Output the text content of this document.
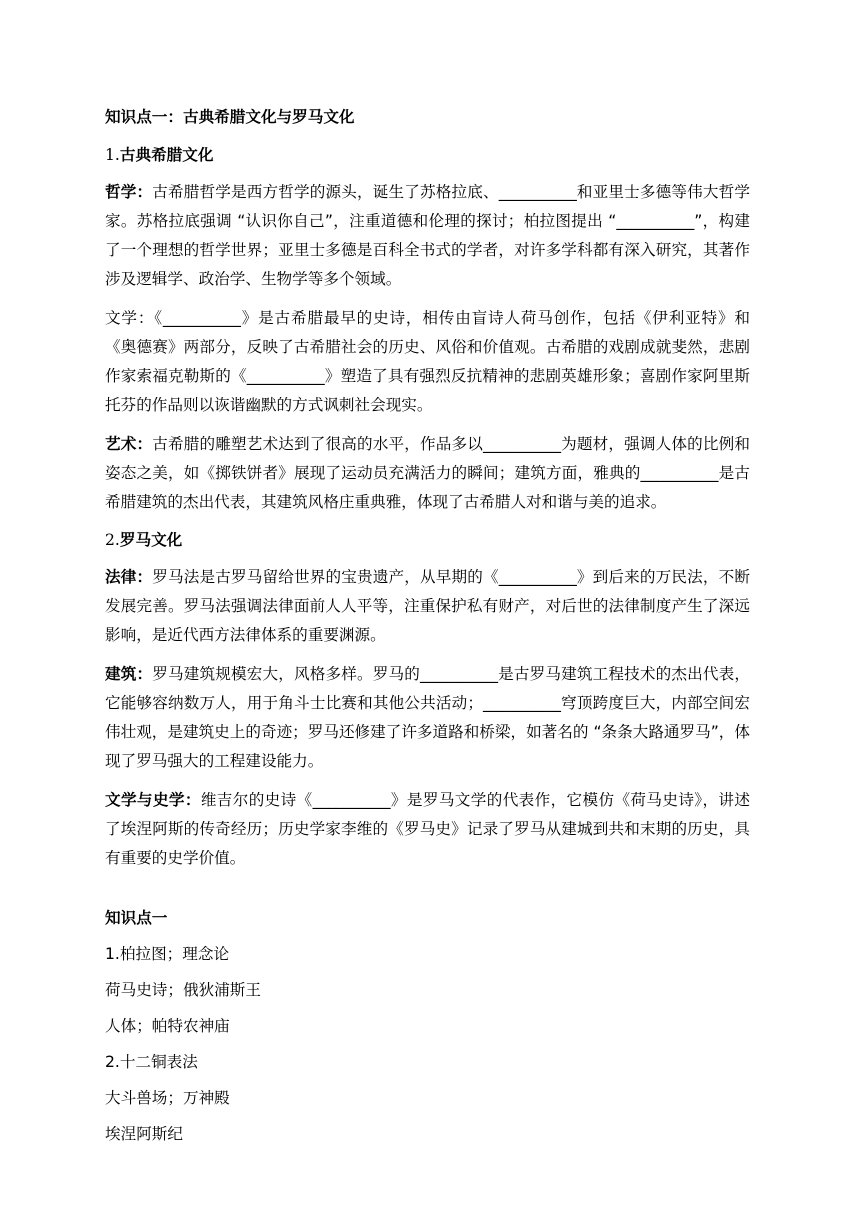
知识点一：古典希腊文化与罗马文化
1.古典希腊文化

哲学：古希腊哲学是西方哲学的源头，诞生了苏格拉底、__________和亚里士多德等伟大哲学家。苏格拉底强调 “认识你自己”，注重道德和伦理的探讨；柏拉图提出 “__________”，构建了一个理想的哲学世界；亚里士多德是百科全书式的学者，对许多学科都有深入研究，其著作涉及逻辑学、政治学、生物学等多个领域。

文学：《__________》是古希腊最早的史诗，相传由盲诗人荷马创作，包括《伊利亚特》和《奥德赛》两部分，反映了古希腊社会的历史、风俗和价值观。古希腊的戏剧成就斐然，悲剧作家索福克勒斯的《__________》塑造了具有强烈反抗精神的悲剧英雄形象；喜剧作家阿里斯托芬的作品则以诙谐幽默的方式讽刺社会现实。

艺术：古希腊的雕塑艺术达到了很高的水平，作品多以__________为题材，强调人体的比例和姿态之美，如《掷铁饼者》展现了运动员充满活力的瞬间；建筑方面，雅典的__________是古希腊建筑的杰出代表，其建筑风格庄重典雅，体现了古希腊人对和谐与美的追求。

2.罗马文化

法律：罗马法是古罗马留给世界的宝贵遗产，从早期的《__________》到后来的万民法，不断发展完善。罗马法强调法律面前人人平等，注重保护私有财产，对后世的法律制度产生了深远影响，是近代西方法律体系的重要渊源。

建筑：罗马建筑规模宏大，风格多样。罗马的__________是古罗马建筑工程技术的杰出代表，它能够容纳数万人，用于角斗士比赛和其他公共活动；__________穹顶跨度巨大，内部空间宏伟壮观，是建筑史上的奇迹；罗马还修建了许多道路和桥梁，如著名的 “条条大路通罗马”，体现了罗马强大的工程建设能力。

文学与史学：维吉尔的史诗《__________》是罗马文学的代表作，它模仿《荷马史诗》，讲述了埃涅阿斯的传奇经历；历史学家李维的《罗马史》记录了罗马从建城到共和末期的历史，具有重要的史学价值。

知识点一
1.柏拉图；理念论
荷马史诗；俄狄浦斯王
人体；帕特农神庙
2.十二铜表法
大斗兽场；万神殿
埃涅阿斯纪
